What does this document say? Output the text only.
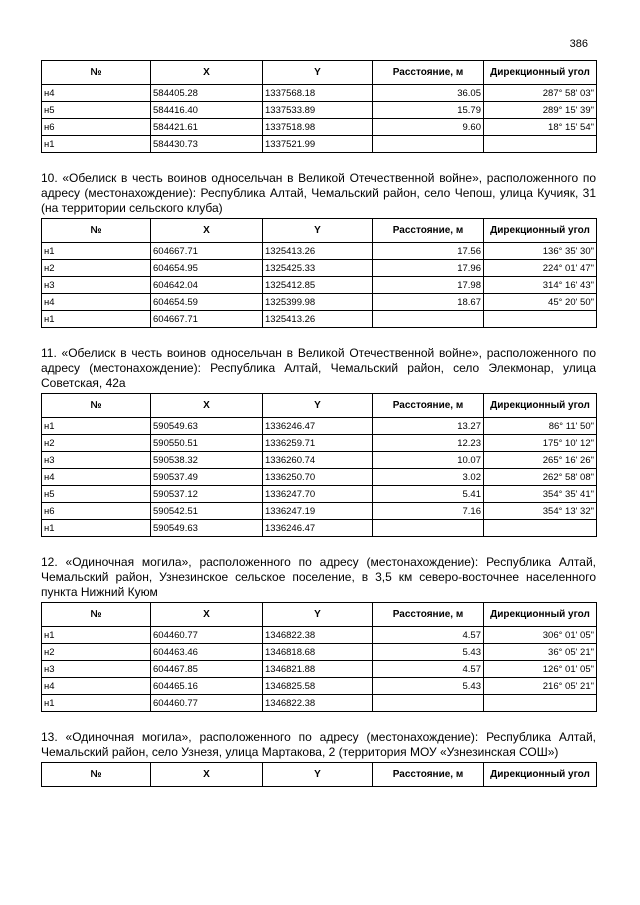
386
№	X	Y	Расстояние, м	Дирекционный угол
н4	584405.28	1337568.18	36.05	287° 58' 03"
н5	584416.40	1337533.89	15.79	289° 15' 39"
н6	584421.61	1337518.98	9.60	18° 15' 54"
н1	584430.73	1337521.99		

10. «Обелиск в честь воинов односельчан в Великой Отечественной войне», расположенного по адресу (местонахождение): Республика Алтай, Чемальский район, село Чепош, улица Кучияк, 31 (на территории сельского клуба)

№	X	Y	Расстояние, м	Дирекционный угол
н1	604667.71	1325413.26	17.56	136° 35' 30"
н2	604654.95	1325425.33	17.96	224° 01' 47"
н3	604642.04	1325412.85	17.98	314° 16' 43"
н4	604654.59	1325399.98	18.67	45° 20' 50"
н1	604667.71	1325413.26		

11. «Обелиск в честь воинов односельчан в Великой Отечественной войне», расположенного по адресу (местонахождение): Республика Алтай, Чемальский район, село Элекмонар, улица Советская, 42а

№	X	Y	Расстояние, м	Дирекционный угол
н1	590549.63	1336246.47	13.27	86° 11' 50"
н2	590550.51	1336259.71	12.23	175° 10' 12"
н3	590538.32	1336260.74	10.07	265° 16' 26"
н4	590537.49	1336250.70	3.02	262° 58' 08"
н5	590537.12	1336247.70	5.41	354° 35' 41"
н6	590542.51	1336247.19	7.16	354° 13' 32"
н1	590549.63	1336246.47		

12. «Одиночная могила», расположенного по адресу (местонахождение): Республика Алтай, Чемальский район, Узнезинское сельское поселение, в 3,5 км северо-восточнее населенного пункта Нижний Куюм

№	X	Y	Расстояние, м	Дирекционный угол
н1	604460.77	1346822.38	4.57	306° 01' 05"
н2	604463.46	1346818.68	5.43	36° 05' 21"
н3	604467.85	1346821.88	4.57	126° 01' 05"
н4	604465.16	1346825.58	5.43	216° 05' 21"
н1	604460.77	1346822.38		

13. «Одиночная могила», расположенного по адресу (местонахождение): Республика Алтай, Чемальский район, село Узнезя, улица Мартакова, 2 (территория МОУ «Узнезинская СОШ»)

№	X	Y	Расстояние, м	Дирекционный угол
